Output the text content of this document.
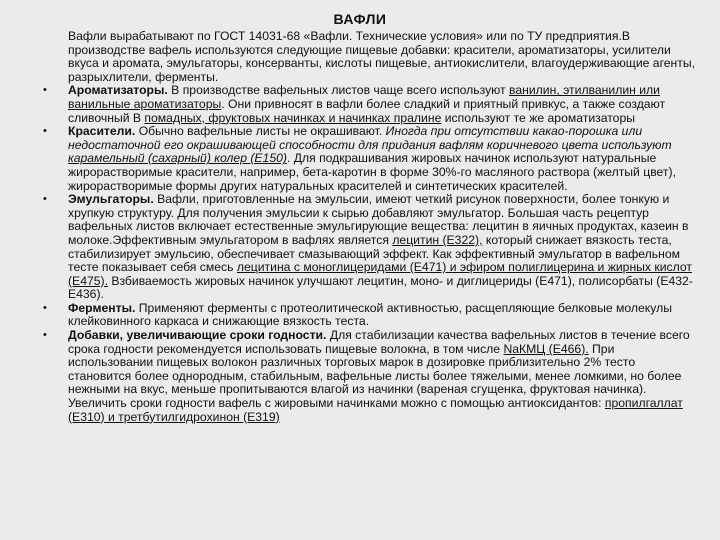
ВАФЛИ

Вафли вырабатывают по ГОСТ 14031-68 «Вафли. Технические условия» или по ТУ предприятия.В производстве вафель используются следующие пищевые добавки: красители, ароматизаторы, усилители вкуса и аромата, эмульгаторы, консерванты, кислоты пищевые, антиокислители, влагоудерживающие агенты, разрыхлители, ферменты.

• Ароматизаторы. В производстве вафельных листов чаще всего используют ванилин, этилванилин или ванильные ароматизаторы. Они привносят в вафли более сладкий и приятный привкус, а также создают сливочный В помадных, фруктовых начинках и начинках пралине используют те же ароматизаторы

• Красители. Обычно вафельные листы не окрашивают. Иногда при отсутствии какао-порошка или недостаточной его окрашивающей способности для придания вафлям коричневого цвета используют карамельный (сахарный) колер (Е150). Для подкрашивания жировых начинок используют натуральные жирорастворимые красители, например, бета-каротин в форме 30%-го масляного раствора (желтый цвет), жирорастворимые формы других натуральных красителей и синтетических красителей.

• Эмульгаторы. Вафли, приготовленные на эмульсии, имеют четкий рисунок поверхности, более тонкую и хрупкую структуру. Для получения эмульсии к сырью добавляют эмульгатор. Большая часть рецептур вафельных листов включает естественные эмульгирующие вещества: лецитин в яичных продуктах, казеин в молоке.Эффективным эмульгатором в вафлях является лецитин (Е322), который снижает вязкость теста, стабилизирует эмульсию, обеспечивает смазывающий эффект. Как эффективный эмульгатор в вафельном тесте показывает себя смесь лецитина с моноглицеридами (Е471) и эфиром полиглицерина и жирных кислот (Е475). Взбиваемость жировых начинок улучшают лецитин, моно- и диглицериды (Е471), полисорбаты (Е432-Е436).

• Ферменты. Применяют ферменты с протеолитической активностью, расщепляющие белковые молекулы клейковинного каркаса и снижающие вязкость теста.

• Добавки, увеличивающие сроки годности. Для стабилизации качества вафельных листов в течение всего срока годности рекомендуется использовать пищевые волокна, в том числе NaКМЦ (Е466). При использовании пищевых волокон различных торговых марок в дозировке приблизительно 2% тесто становится более однородным, стабильным, вафельные листы более тяжелыми, менее ломкими, но более нежными на вкус, меньше пропитываются влагой из начинки (вареная сгущенка, фруктовая начинка).

Увеличить сроки годности вафель с жировыми начинками можно с помощью антиоксидантов: пропилгаллат (Е310) и третбутилгидрохинон (Е319)
